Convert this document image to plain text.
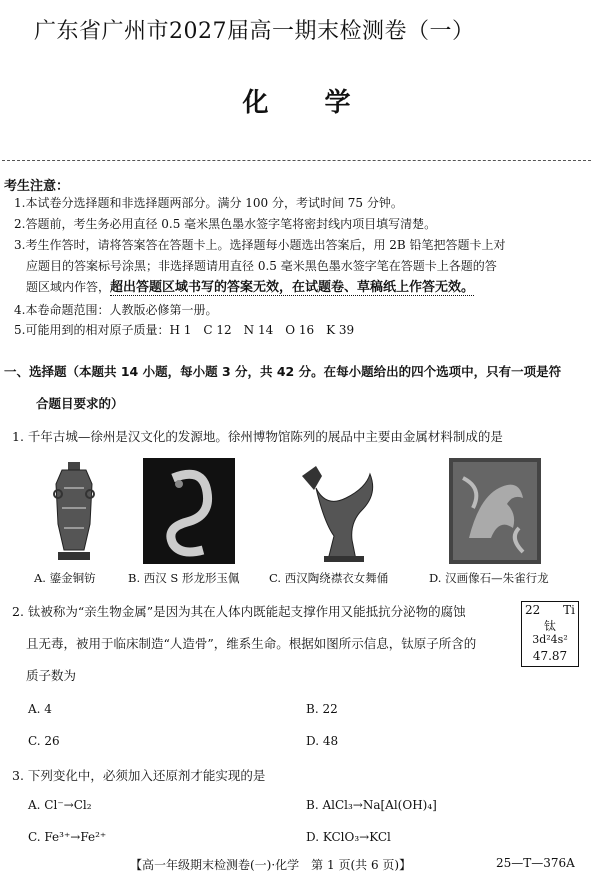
广东省广州市2027届高一期末检测卷（一）
化学
考生注意：
1.本试卷分选择题和非选择题两部分。满分 100 分，考试时间 75 分钟。
2.答题前，考生务必用直径 0.5 毫米黑色墨水签字笔将密封线内项目填写清楚。
3.考生作答时，请将答案答在答题卡上。选择题每小题选出答案后，用 2B 铅笔把答题卡上对
应题目的答案标号涂黑；非选择题请用直径 0.5 毫米黑色墨水签字笔在答题卡上各题的答
题区域内作答，超出答题区域书写的答案无效，在试题卷、草稿纸上作答无效。
4.本卷命题范围：人教版必修第一册。
5.可能用到的相对原子质量：H 1　C 12　N 14　O 16　K 39
一、选择题（本题共 14 小题，每小题 3 分，共 42 分。在每小题给出的四个选项中，只有一项是符
合题目要求的）
1. 千年古城—徐州是汉文化的发源地。徐州博物馆陈列的展品中主要由金属材料制成的是
A. 鎏金铜钫	B. 西汉 S 形龙形玉佩	C. 西汉陶绕襟衣女舞俑	D. 汉画像石—朱雀行龙
2. 钛被称为“亲生物金属”是因为其在人体内既能起支撑作用又能抵抗分泌物的腐蚀
且无毒，被用于临床制造“人造骨”，维系生命。根据如图所示信息，钛原子所含的
质子数为
22 Ti
钛
3d²4s²
47.87
A. 4	B. 22
C. 26	D. 48
3. 下列变化中，必须加入还原剂才能实现的是
A. Cl⁻→Cl₂	B. AlCl₃→Na[Al(OH)₄]
C. Fe³⁺→Fe²⁺	D. KClO₃→KCl
【高一年级期末检测卷(一)·化学　第 1 页(共 6 页)】	25—T—376A
